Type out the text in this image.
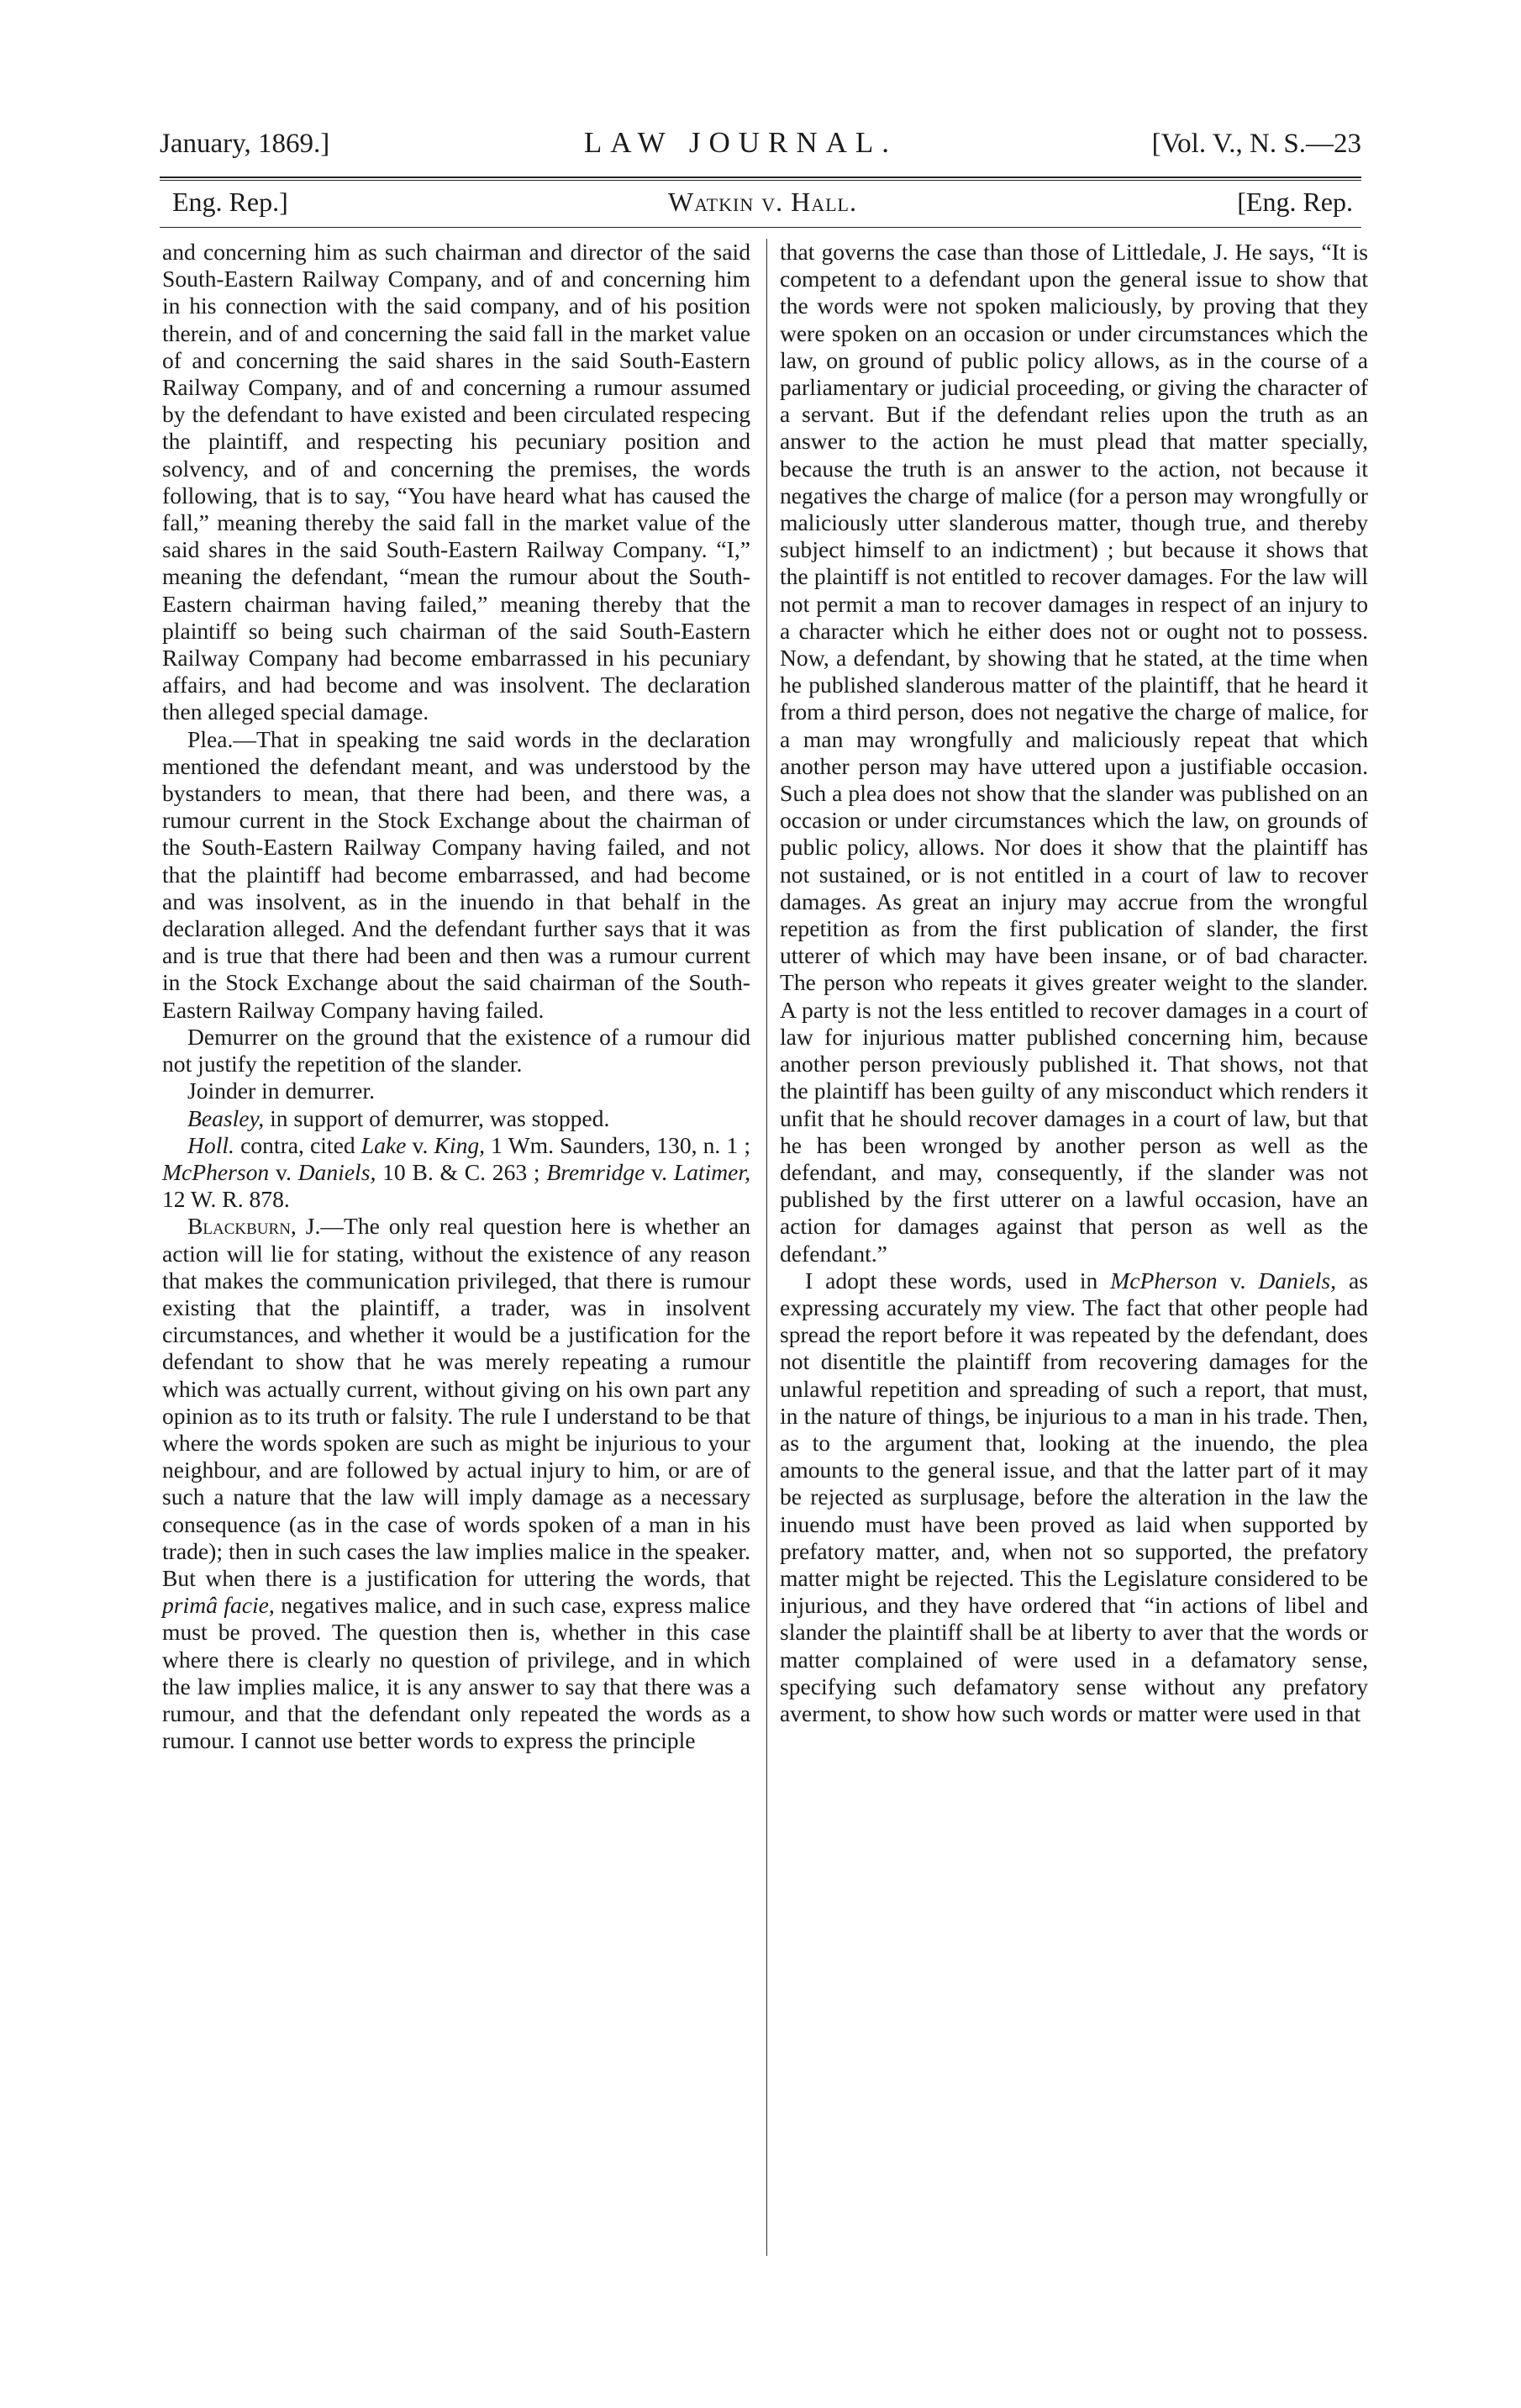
January, 1869.]	LAW JOURNAL.	[Vol. V., N. S.—23
Eng. Rep.]	Watkin v. Hall.	[Eng. Rep.

and concerning him as such chairman and director of the said South-Eastern Railway Company, and of and concerning him in his connection with the said company, and of his position therein, and of and concerning the said fall in the market value of and concerning the said shares in the said South-Eastern Railway Company, and of and concerning a rumour assumed by the defendant to have existed and been circulated respecing the plaintiff, and respecting his pecuniary position and solvency, and of and concerning the premises, the words following, that is to say, “You have heard what has caused the fall,” meaning thereby the said fall in the market value of the said shares in the said South-Eastern Railway Company. “I,” meaning the defendant, “mean the rumour about the South-Eastern chairman having failed,” meaning thereby that the plaintiff so being such chairman of the said South-Eastern Railway Company had become embarrassed in his pecuniary affairs, and had become and was insolvent. The declaration then alleged special damage.

Plea.—That in speaking tne said words in the declaration mentioned the defendant meant, and was understood by the bystanders to mean, that there had been, and there was, a rumour current in the Stock Exchange about the chairman of the South-Eastern Railway Company having failed, and not that the plaintiff had become embarrassed, and had become and was insolvent, as in the inuendo in that behalf in the declaration alleged. And the defendant further says that it was and is true that there had been and then was a rumour current in the Stock Exchange about the said chairman of the South-Eastern Railway Company having failed.

Demurrer on the ground that the existence of a rumour did not justify the repetition of the slander.

Joinder in demurrer.

Beasley, in support of demurrer, was stopped.

Holl. contra, cited Lake v. King, 1 Wm. Saunders, 130, n. 1 ; McPherson v. Daniels, 10 B. & C. 263 ; Bremridge v. Latimer, 12 W. R. 878.

Blackburn, J.—The only real question here is whether an action will lie for stating, without the existence of any reason that makes the communication privileged, that there is rumour existing that the plaintiff, a trader, was in insolvent circumstances, and whether it would be a justification for the defendant to show that he was merely repeating a rumour which was actually current, without giving on his own part any opinion as to its truth or falsity. The rule I understand to be that where the words spoken are such as might be injurious to your neighbour, and are followed by actual injury to him, or are of such a nature that the law will imply damage as a necessary consequence (as in the case of words spoken of a man in his trade); then in such cases the law implies malice in the speaker. But when there is a justification for uttering the words, that primâ facie, negatives malice, and in such case, express malice must be proved. The question then is, whether in this case where there is clearly no question of privilege, and in which the law implies malice, it is any answer to say that there was a rumour, and that the defendant only repeated the words as a rumour. I cannot use better words to express the principle

that governs the case than those of Littledale, J. He says, “It is competent to a defendant upon the general issue to show that the words were not spoken maliciously, by proving that they were spoken on an occasion or under circumstances which the law, on ground of public policy allows, as in the course of a parliamentary or judicial proceeding, or giving the character of a servant. But if the defendant relies upon the truth as an answer to the action he must plead that matter specially, because the truth is an answer to the action, not because it negatives the charge of malice (for a person may wrongfully or maliciously utter slanderous matter, though true, and thereby subject himself to an indictment) ; but because it shows that the plaintiff is not entitled to recover damages. For the law will not permit a man to recover damages in respect of an injury to a character which he either does not or ought not to possess. Now, a defendant, by showing that he stated, at the time when he published slanderous matter of the plaintiff, that he heard it from a third person, does not negative the charge of malice, for a man may wrongfully and maliciously repeat that which another person may have uttered upon a justifiable occasion. Such a plea does not show that the slander was published on an occasion or under circumstances which the law, on grounds of public policy, allows. Nor does it show that the plaintiff has not sustained, or is not entitled in a court of law to recover damages. As great an injury may accrue from the wrongful repetition as from the first publication of slander, the first utterer of which may have been insane, or of bad character. The person who repeats it gives greater weight to the slander. A party is not the less entitled to recover damages in a court of law for injurious matter published concerning him, because another person previously published it. That shows, not that the plaintiff has been guilty of any misconduct which renders it unfit that he should recover damages in a court of law, but that he has been wronged by another person as well as the defendant, and may, consequently, if the slander was not published by the first utterer on a lawful occasion, have an action for damages against that person as well as the defendant.”

I adopt these words, used in McPherson v. Daniels, as expressing accurately my view. The fact that other people had spread the report before it was repeated by the defendant, does not disentitle the plaintiff from recovering damages for the unlawful repetition and spreading of such a report, that must, in the nature of things, be injurious to a man in his trade. Then, as to the argument that, looking at the inuendo, the plea amounts to the general issue, and that the latter part of it may be rejected as surplusage, before the alteration in the law the inuendo must have been proved as laid when supported by prefatory matter, and, when not so supported, the prefatory matter might be rejected. This the Legislature considered to be injurious, and they have ordered that “in actions of libel and slander the plaintiff shall be at liberty to aver that the words or matter complained of were used in a defamatory sense, specifying such defamatory sense without any prefatory averment, to show how such words or matter were used in that
